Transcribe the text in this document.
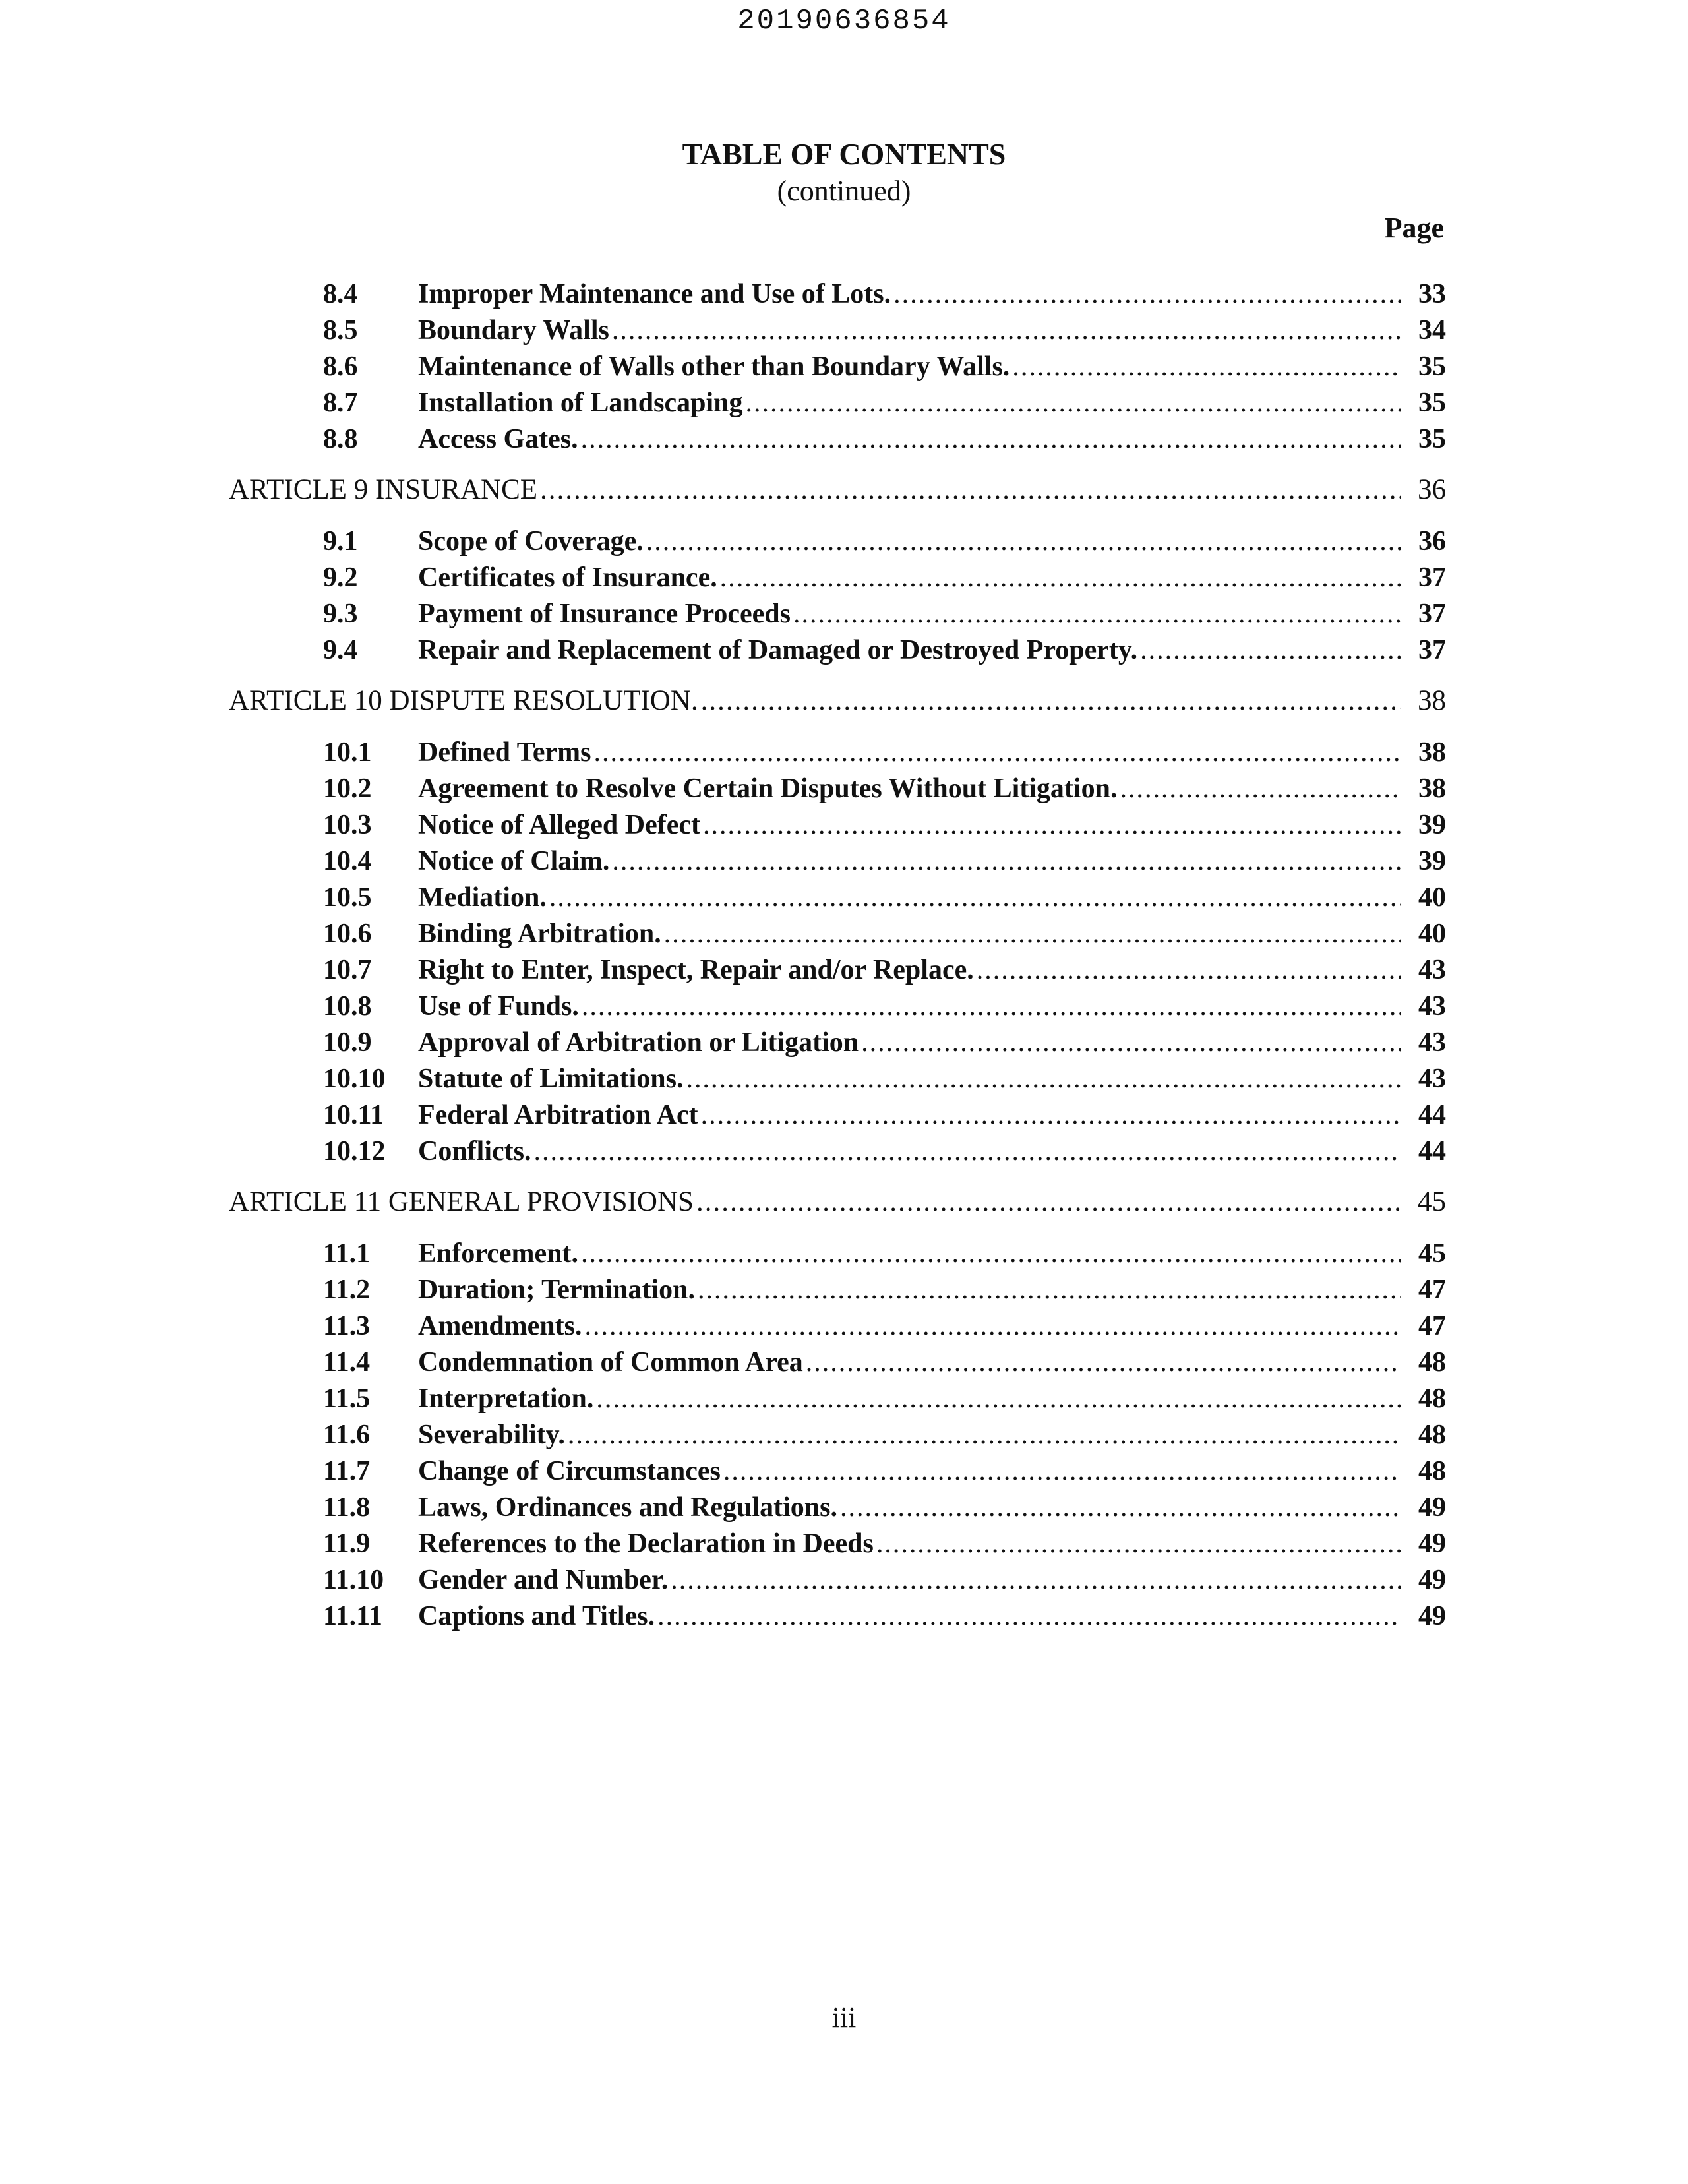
20190636854
TABLE OF CONTENTS
(continued)
Page
8.4 Improper Maintenance and Use of Lots. .....	33
8.5 Boundary Walls .....	34
8.6 Maintenance of Walls other than Boundary Walls. .....	35
8.7 Installation of Landscaping .....	35
8.8 Access Gates. .....	35
ARTICLE 9 INSURANCE .....	36
9.1 Scope of Coverage. .....	36
9.2 Certificates of Insurance. .....	37
9.3 Payment of Insurance Proceeds .....	37
9.4 Repair and Replacement of Damaged or Destroyed Property. .....	37
ARTICLE 10 DISPUTE RESOLUTION. .....	38
10.1 Defined Terms .....	38
10.2 Agreement to Resolve Certain Disputes Without Litigation. .....	38
10.3 Notice of Alleged Defect .....	39
10.4 Notice of Claim. .....	39
10.5 Mediation. .....	40
10.6 Binding Arbitration. .....	40
10.7 Right to Enter, Inspect, Repair and/or Replace. .....	43
10.8 Use of Funds. .....	43
10.9 Approval of Arbitration or Litigation .....	43
10.10 Statute of Limitations. .....	43
10.11 Federal Arbitration Act .....	44
10.12 Conflicts. .....	44
ARTICLE 11 GENERAL PROVISIONS .....	45
11.1 Enforcement. .....	45
11.2 Duration; Termination. .....	47
11.3 Amendments. .....	47
11.4 Condemnation of Common Area .....	48
11.5 Interpretation. .....	48
11.6 Severability. .....	48
11.7 Change of Circumstances .....	48
11.8 Laws, Ordinances and Regulations. .....	49
11.9 References to the Declaration in Deeds .....	49
11.10 Gender and Number. .....	49
11.11 Captions and Titles. .....	49
iii
